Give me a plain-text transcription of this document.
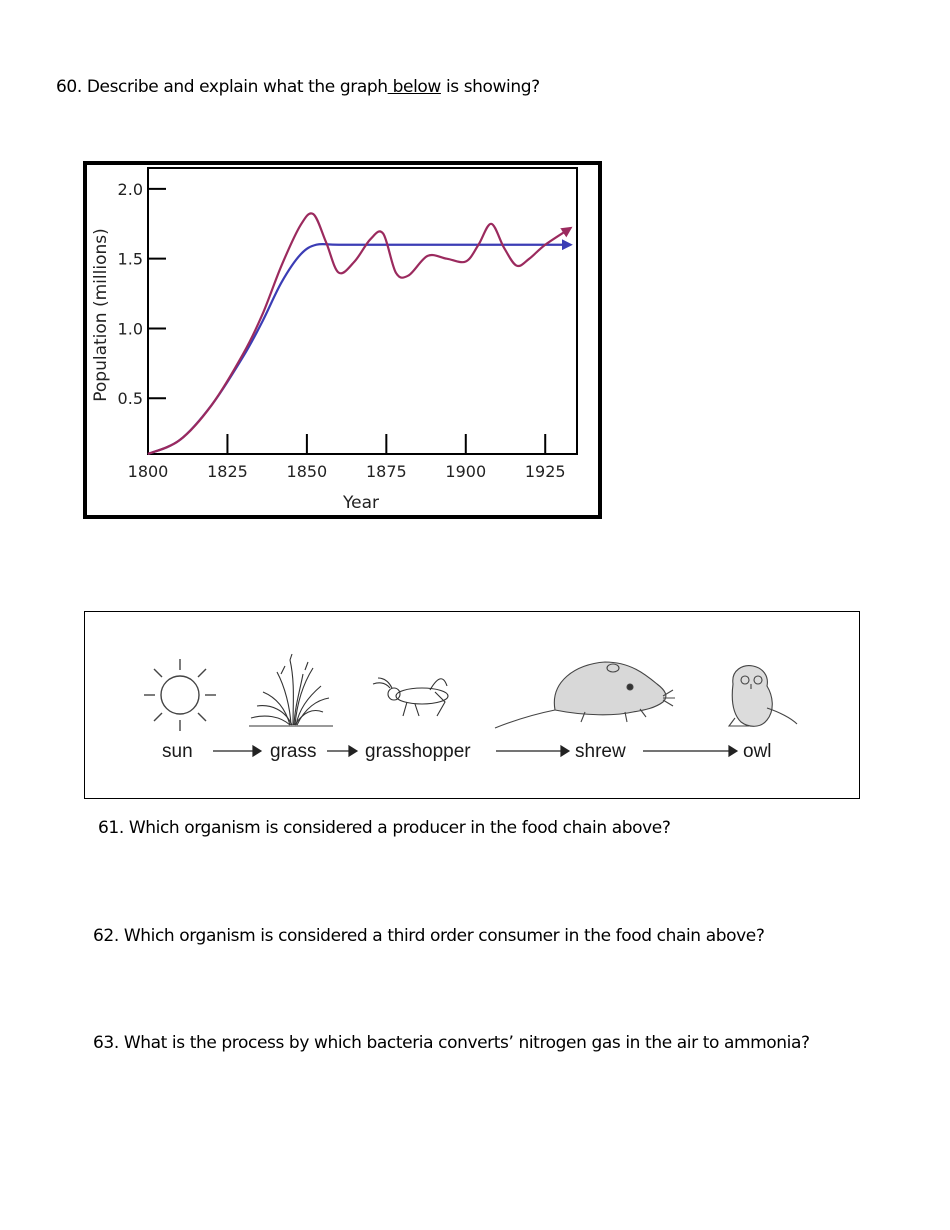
60. Describe and explain what the graph below is showing?
0.5
1.0
1.5
2.0
1800 1825 1850 1875 1900 1925
Year
Population (millions)
sun	grass	grasshopper	shrew	owl
61. Which organism is considered a producer in the food chain above?
62. Which organism is considered a third order consumer in the food chain above?
63. What is the process by which bacteria converts’ nitrogen gas in the air to ammonia?
